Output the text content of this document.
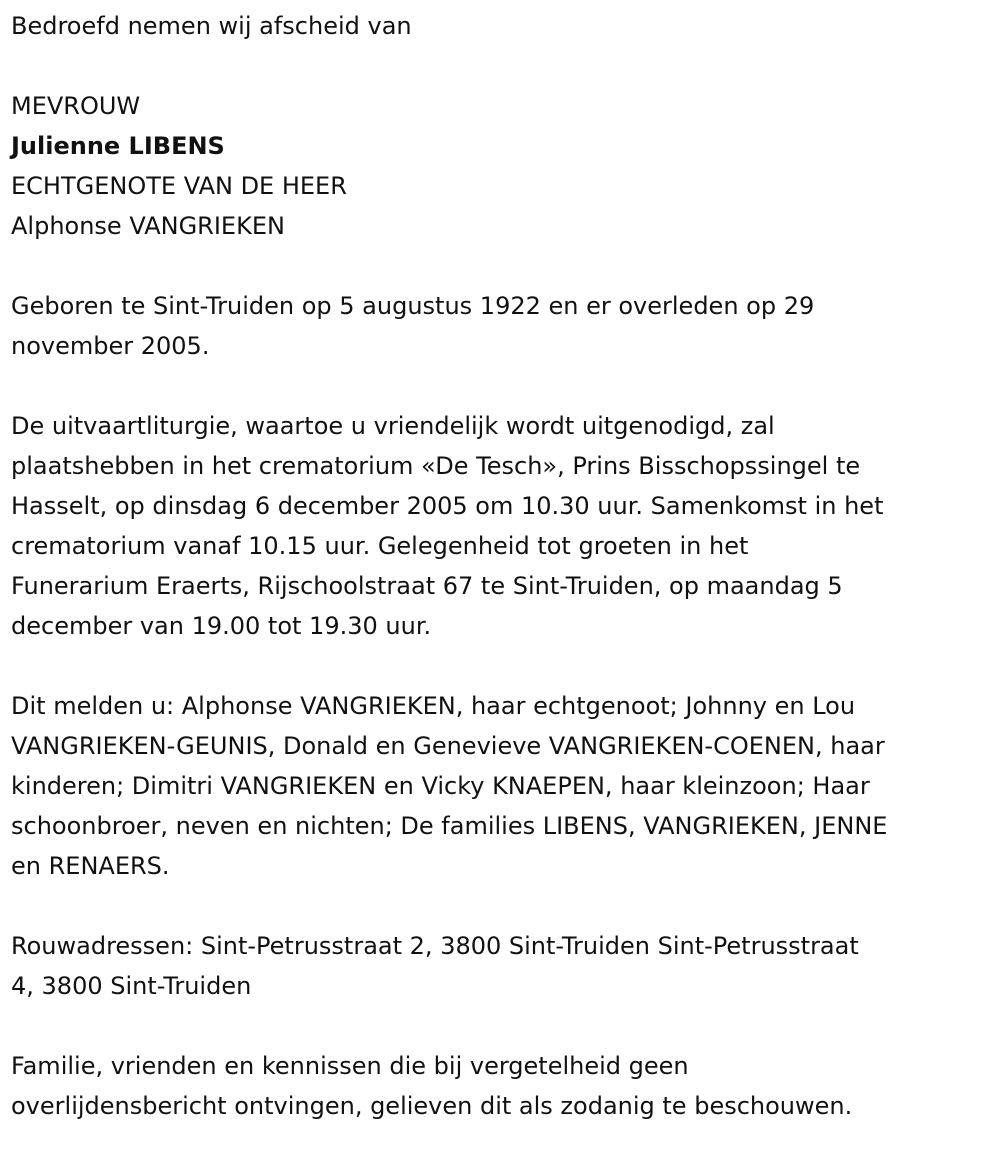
Bedroefd nemen wij afscheid van
MEVROUW
Julienne LIBENS
ECHTGENOTE VAN DE HEER
Alphonse VANGRIEKEN
Geboren te Sint-Truiden op 5 augustus 1922 en er overleden op 29
november 2005.
De uitvaartliturgie, waartoe u vriendelijk wordt uitgenodigd, zal
plaatshebben in het crematorium «De Tesch», Prins Bisschopssingel te
Hasselt, op dinsdag 6 december 2005 om 10.30 uur. Samenkomst in het
crematorium vanaf 10.15 uur. Gelegenheid tot groeten in het
Funerarium Eraerts, Rijschoolstraat 67 te Sint-Truiden, op maandag 5
december van 19.00 tot 19.30 uur.
Dit melden u: Alphonse VANGRIEKEN, haar echtgenoot; Johnny en Lou
VANGRIEKEN-GEUNIS, Donald en Genevieve VANGRIEKEN-COENEN, haar
kinderen; Dimitri VANGRIEKEN en Vicky KNAEPEN, haar kleinzoon; Haar
schoonbroer, neven en nichten; De families LIBENS, VANGRIEKEN, JENNE
en RENAERS.
Rouwadressen: Sint-Petrusstraat 2, 3800 Sint-Truiden Sint-Petrusstraat
4, 3800 Sint-Truiden
Familie, vrienden en kennissen die bij vergetelheid geen
overlijdensbericht ontvingen, gelieven dit als zodanig te beschouwen.
